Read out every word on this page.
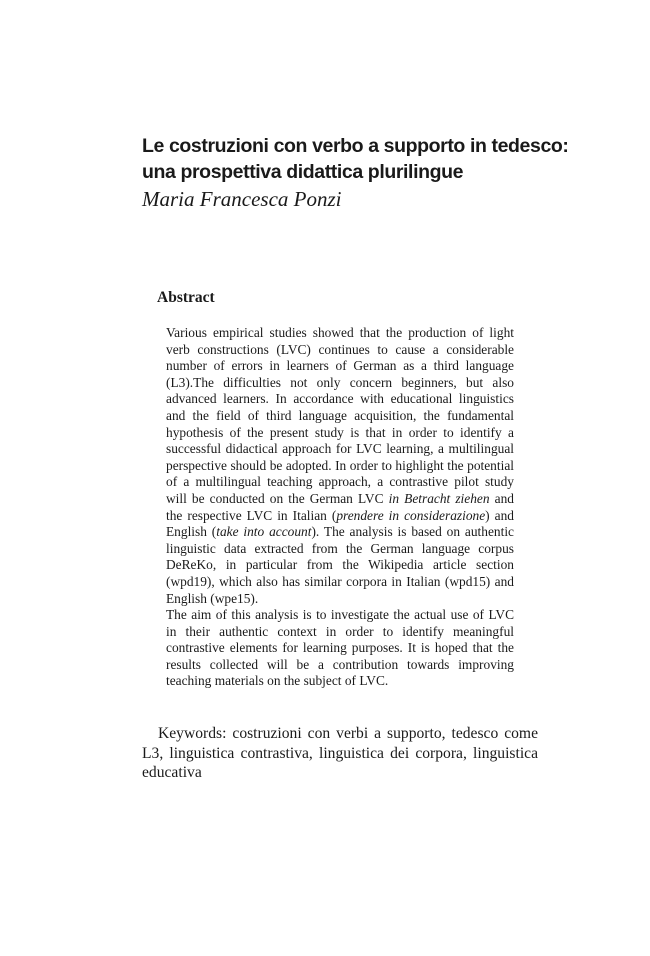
Le costruzioni con verbo a supporto in tedesco:
una prospettiva didattica plurilingue

Maria Francesca Ponzi

Abstract

Various empirical studies showed that the production of light verb constructions (LVC) continues to cause a considerable number of errors in learners of German as a third language (L3).The difficulties not only concern beginners, but also advanced learners. In accordance with educational linguistics and the field of third language acquisition, the fundamental hypothesis of the present study is that in order to identify a successful didactical approach for LVC learning, a multilingual perspective should be adopted. In order to highlight the potential of a multilingual teaching approach, a contrastive pilot study will be conducted on the German LVC in Betracht ziehen and the respective LVC in Italian (prendere in considerazione) and English (take into account). The analysis is based on authentic linguistic data extracted from the German language corpus DeReKo, in particular from the Wikipedia article section (wpd19), which also has similar corpora in Italian (wpd15) and English (wpe15).

The aim of this analysis is to investigate the actual use of LVC in their authentic context in order to identify meaningful contrastive elements for learning purposes. It is hoped that the results collected will be a contribution towards improving teaching materials on the subject of LVC.

Keywords: costruzioni con verbi a supporto, tedesco come L3, linguistica contrastiva, linguistica dei corpora, linguistica educativa
